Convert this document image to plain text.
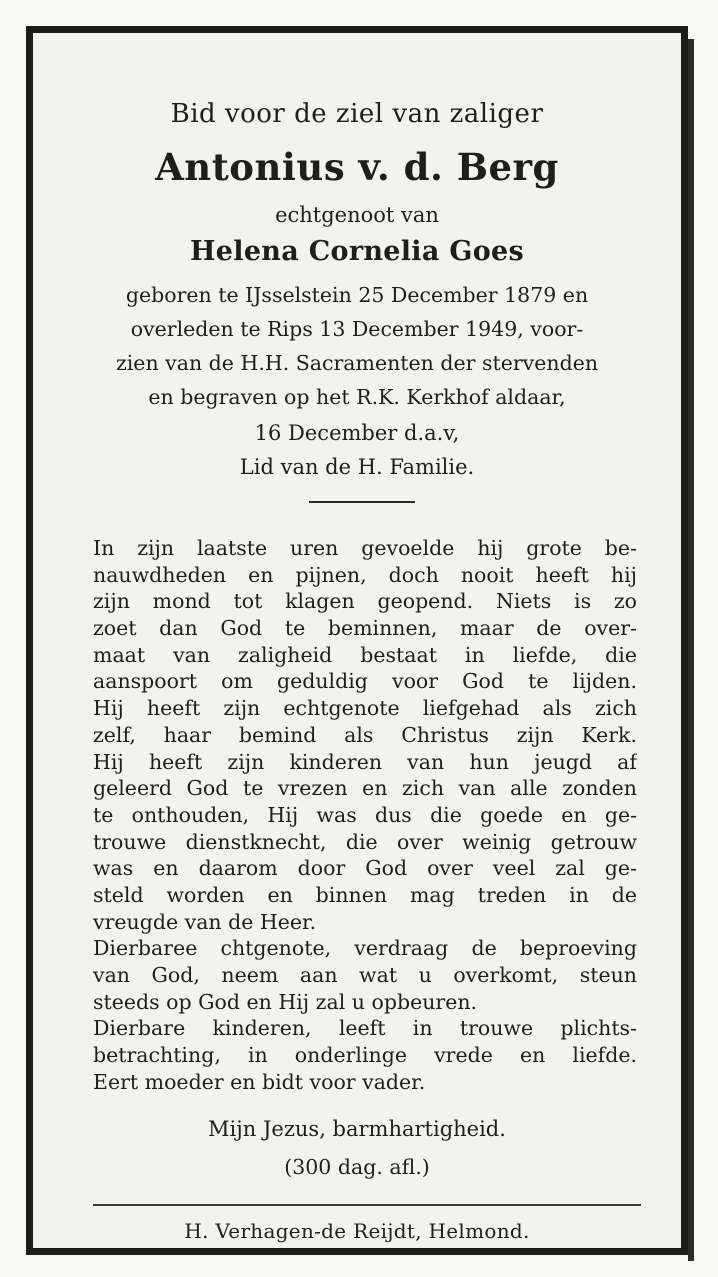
Bid voor de ziel van zaliger
Antonius v. d. Berg
echtgenoot van
Helena Cornelia Goes
geboren te IJsselstein 25 December 1879 en
overleden te Rips 13 December 1949, voor-
zien van de H.H. Sacramenten der stervenden
en begraven op het R.K. Kerkhof aldaar,
16 December d.a.v,
Lid van de H. Familie.
In zijn laatste uren gevoelde hij grote be-
nauwdheden en pijnen, doch nooit heeft hij
zijn mond tot klagen geopend. Niets is zo
zoet dan God te beminnen, maar de over-
maat van zaligheid bestaat in liefde, die
aanspoort om geduldig voor God te lijden.
Hij heeft zijn echtgenote liefgehad als zich
zelf, haar bemind als Christus zijn Kerk.
Hij heeft zijn kinderen van hun jeugd af
geleerd God te vrezen en zich van alle zonden
te onthouden, Hij was dus die goede en ge-
trouwe dienstknecht, die over weinig getrouw
was en daarom door God over veel zal ge-
steld worden en binnen mag treden in de
vreugde van de Heer.
Dierbaree chtgenote, verdraag de beproeving
van God, neem aan wat u overkomt, steun
steeds op God en Hij zal u opbeuren.
Dierbare kinderen, leeft in trouwe plichts-
betrachting, in onderlinge vrede en liefde.
Eert moeder en bidt voor vader.
Mijn Jezus, barmhartigheid.
(300 dag. afl.)
H. Verhagen-de Reijdt, Helmond.
